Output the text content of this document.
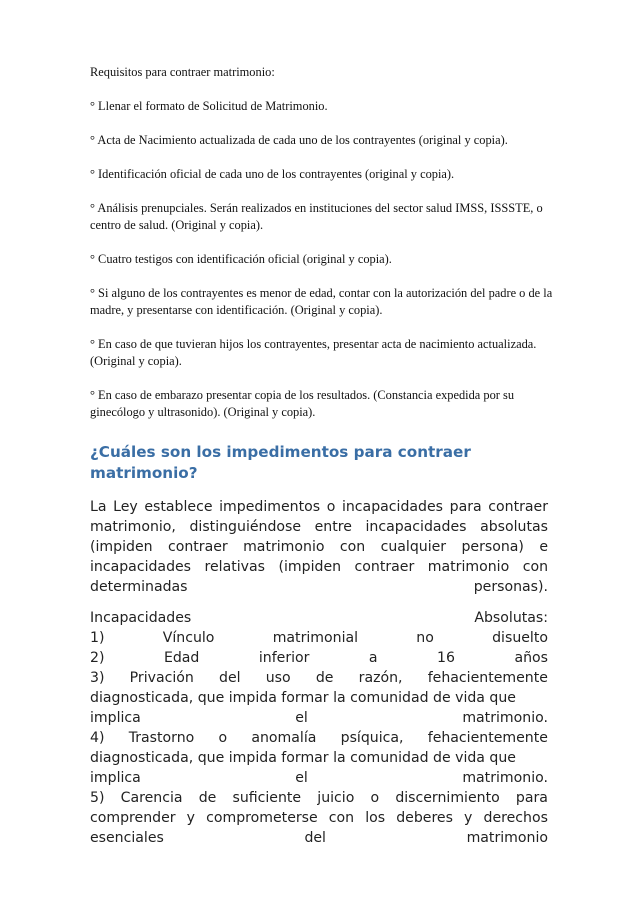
Requisitos para contraer matrimonio:
° Llenar el formato de Solicitud de Matrimonio.
° Acta de Nacimiento actualizada de cada uno de los contrayentes (original y copia).
° Identificación oficial de cada uno de los contrayentes (original y copia).
° Análisis prenupciales. Serán realizados en instituciones del sector salud IMSS, ISSSTE, o centro de salud. (Original y copia).
° Cuatro testigos con identificación oficial (original y copia).
° Si alguno de los contrayentes es menor de edad, contar con la autorización del padre o de la madre, y presentarse con identificación. (Original y copia).
° En caso de que tuvieran hijos los contrayentes, presentar acta de nacimiento actualizada. (Original y copia).
° En caso de embarazo presentar copia de los resultados. (Constancia expedida por su ginecólogo y ultrasonido). (Original y copia).
¿Cuáles son los impedimentos para contraer matrimonio?
La Ley establece impedimentos o incapacidades para contraer matrimonio, distinguiéndose entre incapacidades absolutas (impiden contraer matrimonio con cualquier persona) e incapacidades relativas (impiden contraer matrimonio con determinadas personas).
Incapacidades	Absolutas:
1)	Vínculo	matrimonial	no	disuelto
2)	Edad	inferior	a	16	años
3) Privación del uso de razón, fehacientemente
diagnosticada, que impida formar la comunidad de vida que
implica	el	matrimonio.
4) Trastorno o anomalía psíquica, fehacientemente
diagnosticada, que impida formar la comunidad de vida que
implica	el	matrimonio.
5) Carencia de suficiente juicio o discernimiento para
comprender y comprometerse con los deberes y derechos
esenciales	del	matrimonio
